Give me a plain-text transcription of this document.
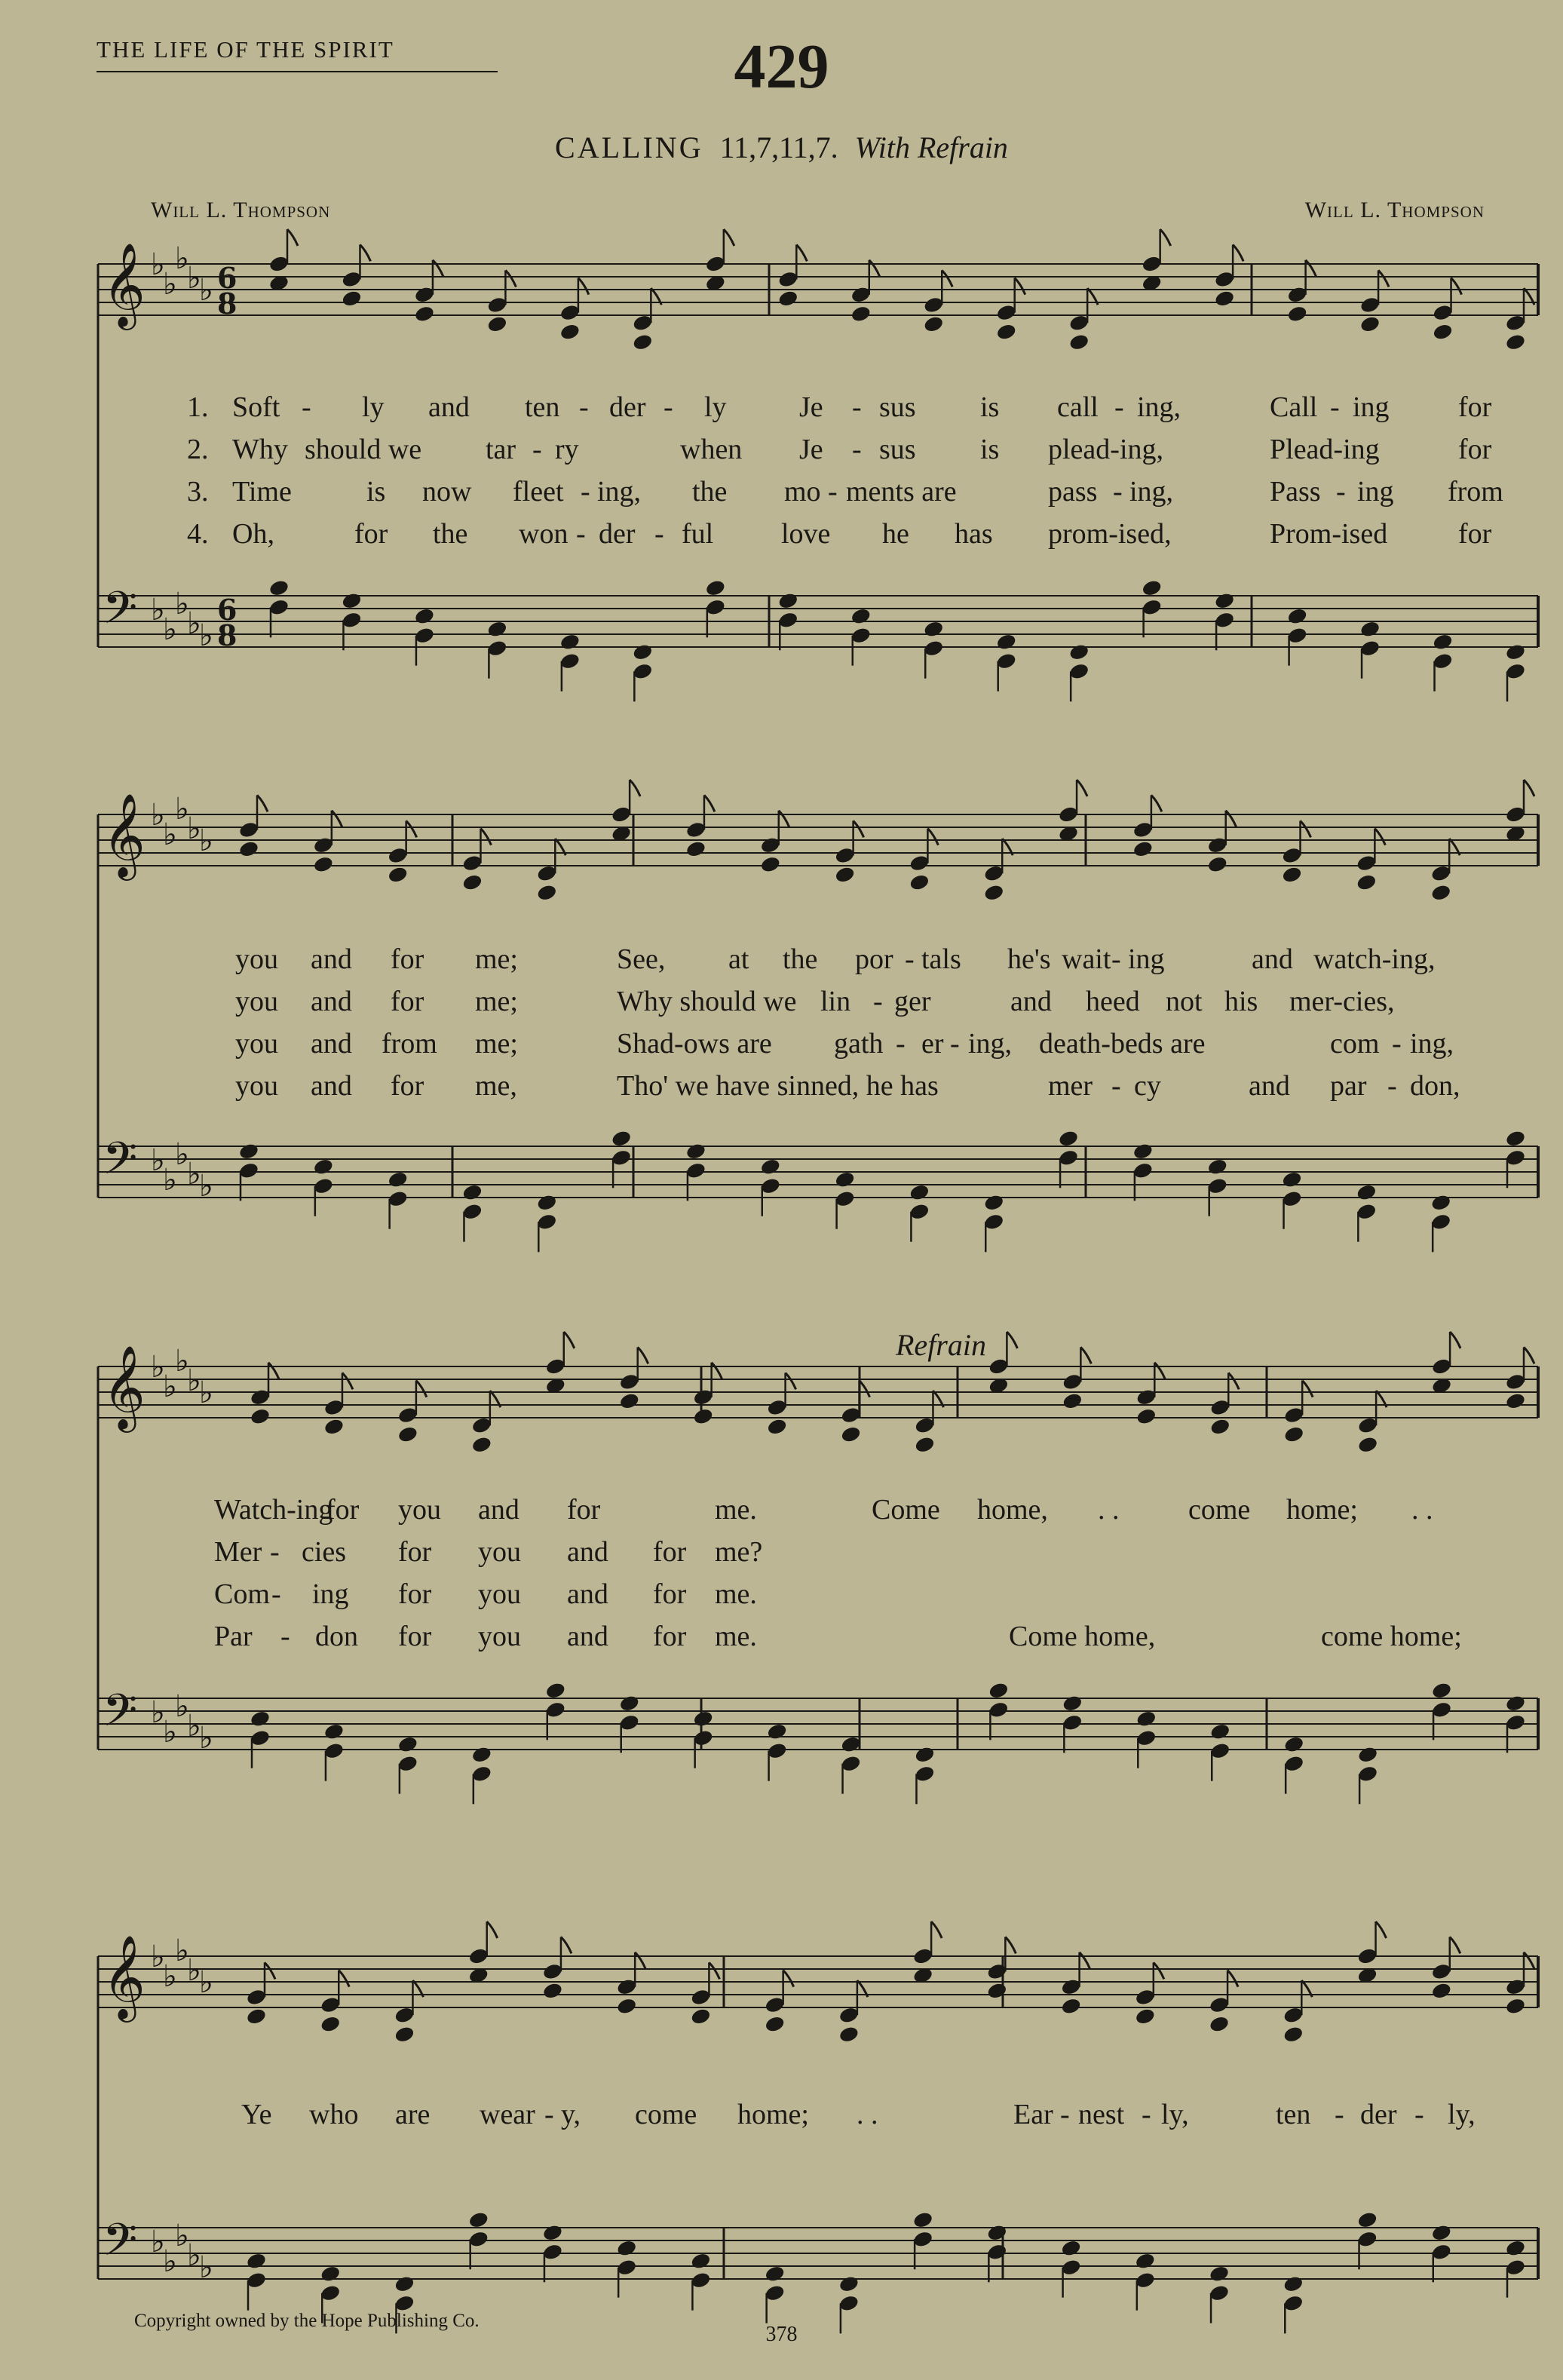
THE LIFE OF THE SPIRIT	429
CALLING 11,7,11,7. With Refrain
Will L. Thompson	Will L. Thompson
𝄞 ♭
♭
♭
♭
♭ 6
8
𝄢 ♭
♭
♭
♭
♭
6
8
𝄞 ♭
♭
♭
♭
♭
𝄢 ♭
♭
♭
♭
♭
𝄞 ♭
♭
♭
♭
♭
𝄢 ♭
♭
♭
♭
♭
𝄞 ♭
♭
♭
♭
♭
𝄢 ♭
♭
♭
♭
♭
1. Soft - ly and ten - der - ly	Je - sus is call - ing,	Call - ing for
2. Why should we tar - ry	when Je - sus is plead-ing,	Plead-ing	for
3. Time	is now fleet - ing, the mo - ments are	pass - ing,	Pass - ing from
4. Oh,	for the won - der - ful love he has prom-ised,	Prom-ised for
you and for me;	See, at the por - tals he's wait - ing	and watch-ing,
you and for me;	Why should we lin - ger	and heed not his mer-cies,
you and from me;	Shad-ows are gath - er - ing, death-beds are	com - ing,
you and for me,	Tho' we have sinned, he has	mer - cy	and par - don,
Refrain
Watch-ing
for you and for	me.	Come home, . . come home; . .
Mer - cies for you and for me?
Com - ing for you and for me.
Par - don for you and for me.	Come home,	come home;
Ye who are wear - y, come home; . .	Ear - nest - ly,	ten - der - ly,
Copyright owned by the Hope Publishing Co.
378
